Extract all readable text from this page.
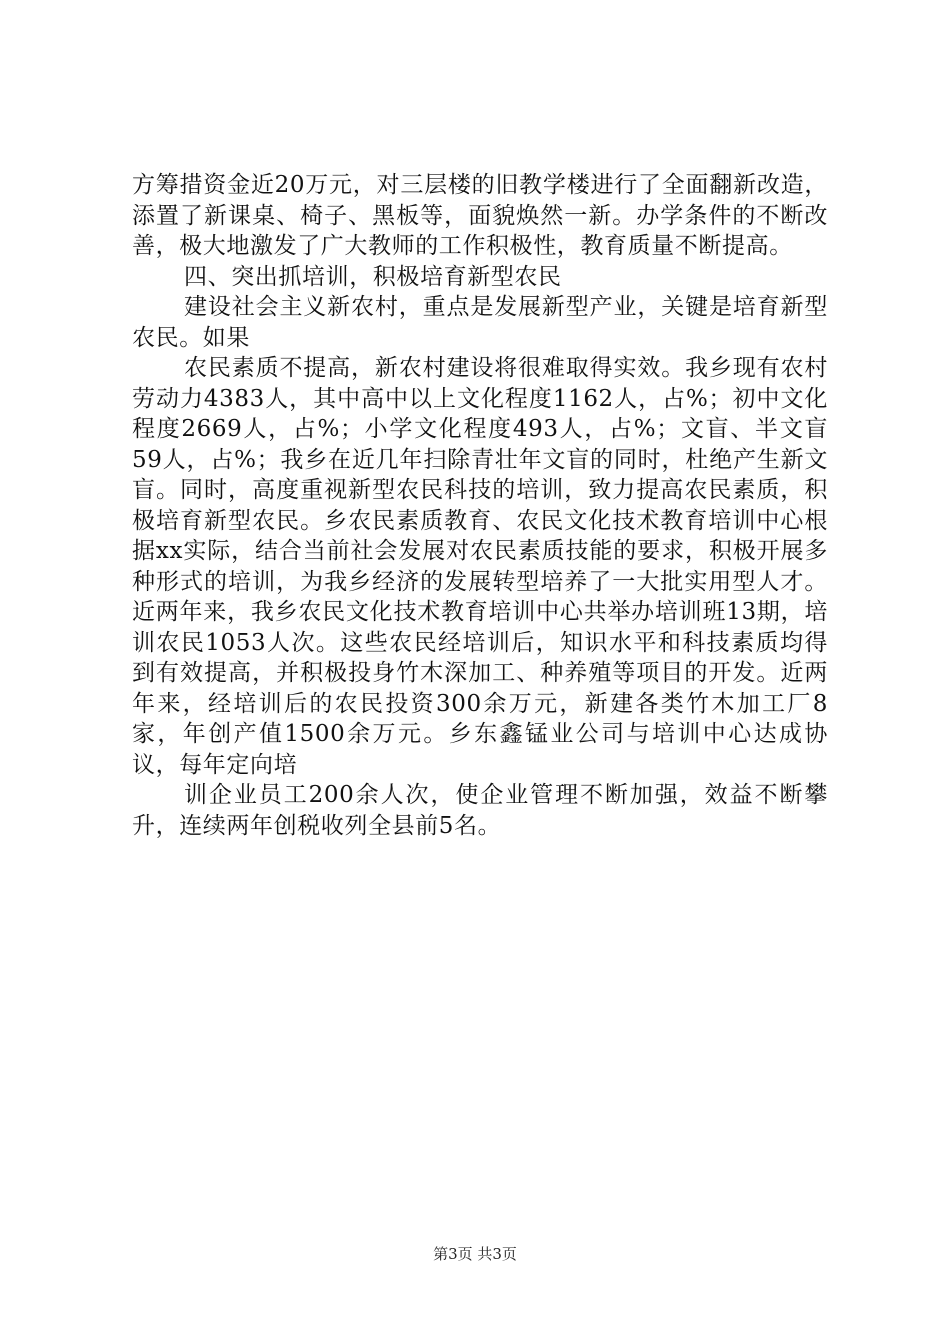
方筹措资金近20万元，对三层楼的旧教学楼进行了全面翻新改造，添置了新课桌、椅子、黑板等，面貌焕然一新。办学条件的不断改善，极大地激发了广大教师的工作积极性，教育质量不断提高。

四、突出抓培训，积极培育新型农民

建设社会主义新农村，重点是发展新型产业，关键是培育新型农民。如果

农民素质不提高，新农村建设将很难取得实效。我乡现有农村劳动力4383人，其中高中以上文化程度1162人，占%；初中文化程度2669人，占%；小学文化程度493人，占%；文盲、半文盲59人，占%；我乡在近几年扫除青壮年文盲的同时，杜绝产生新文盲。同时，高度重视新型农民科技的培训，致力提高农民素质，积极培育新型农民。乡农民素质教育、农民文化技术教育培训中心根据xx实际，结合当前社会发展对农民素质技能的要求，积极开展多种形式的培训，为我乡经济的发展转型培养了一大批实用型人才。近两年来，我乡农民文化技术教育培训中心共举办培训班13期，培训农民1053人次。这些农民经培训后，知识水平和科技素质均得到有效提高，并积极投身竹木深加工、种养殖等项目的开发。近两年来，经培训后的农民投资300余万元，新建各类竹木加工厂8家，年创产值1500余万元。乡东鑫锰业公司与培训中心达成协议，每年定向培

训企业员工200余人次，使企业管理不断加强，效益不断攀升，连续两年创税收列全县前5名。

第3页 共3页
